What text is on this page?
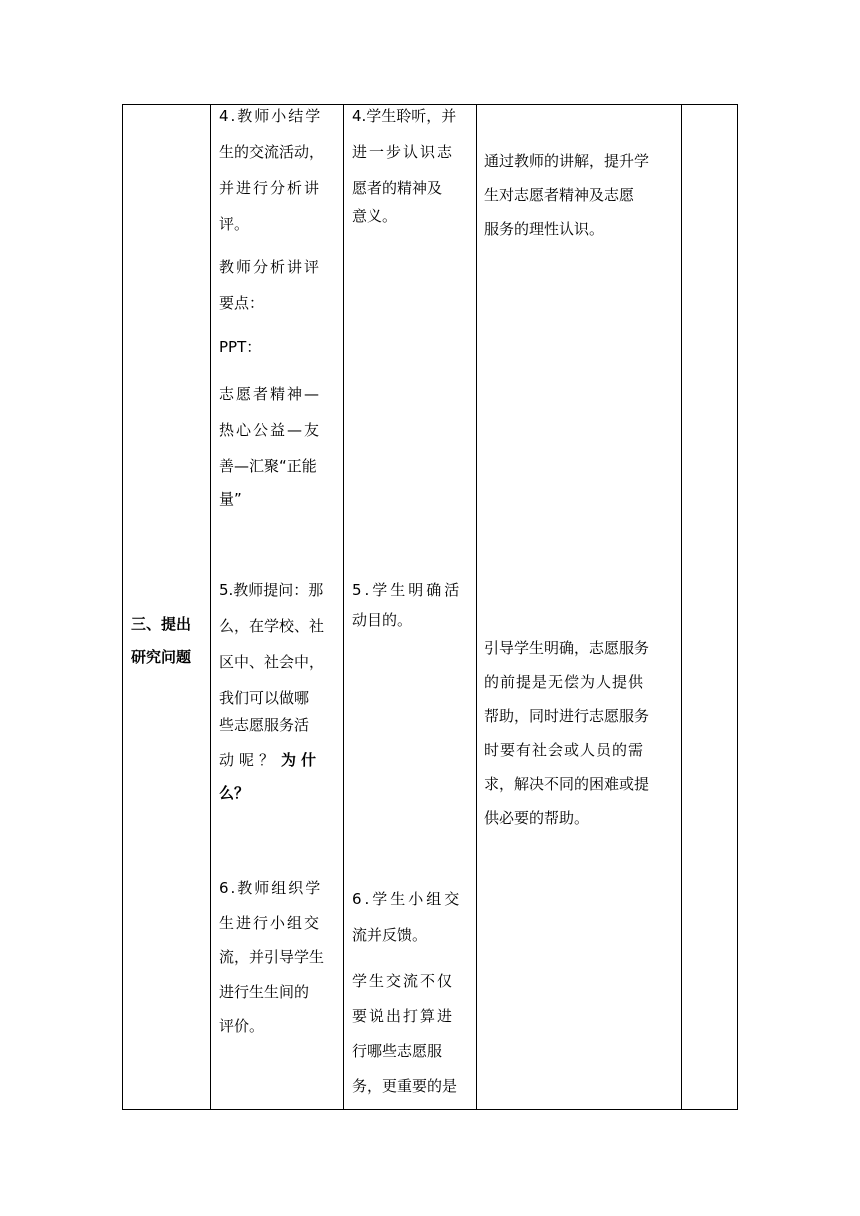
三、提出
研究问题
4.教师小结学
生的交流活动，
并进行分析讲
评。
教师分析讲评
要点：
PPT：
志愿者精神—
热心公益—友
善—汇聚“正能
量”
5.教师提问：那
么，在学校、社
区中、社会中，
我们可以做哪
些志愿服务活
动呢？ 为什
么？
6.教师组织学
生进行小组交
流，并引导学生
进行生生间的
评价。
4.学生聆听，并
进一步认识志
愿者的精神及
意义。
5.学生明确活
动目的。
6.学生小组交
流并反馈。
学生交流不仅
要说出打算进
行哪些志愿服
务，更重要的是
通过教师的讲解，提升学
生对志愿者精神及志愿
服务的理性认识。
引导学生明确，志愿服务
的前提是无偿为人提供
帮助，同时进行志愿服务
时要有社会或人员的需
求，解决不同的困难或提
供必要的帮助。
